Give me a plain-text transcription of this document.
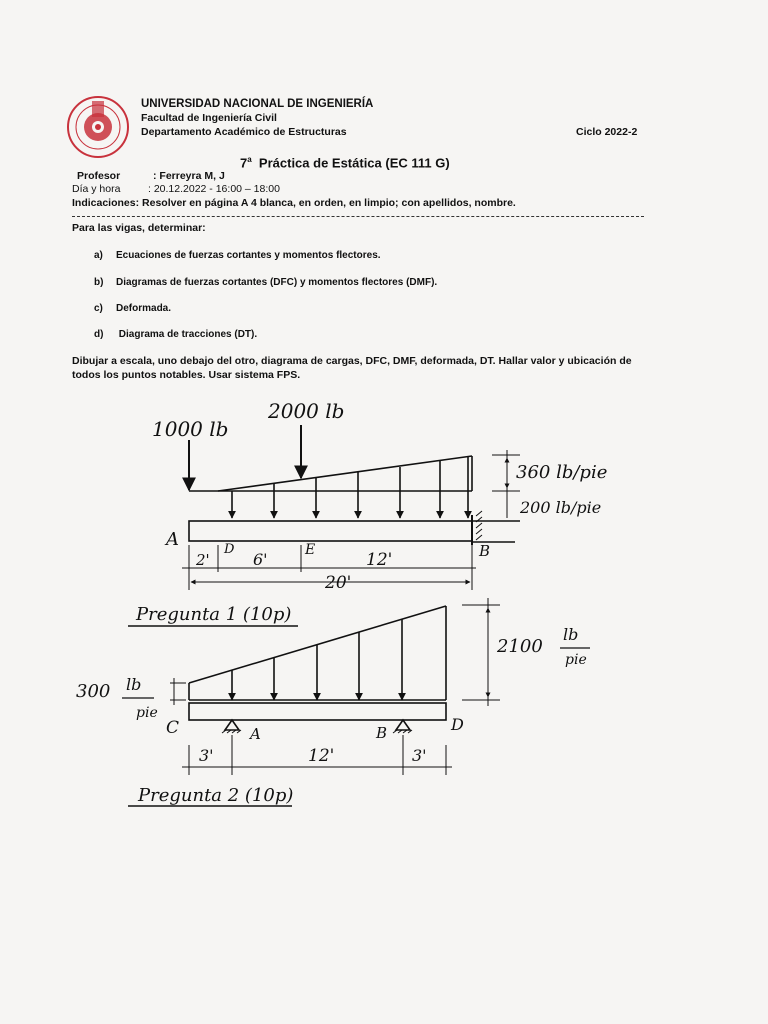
UNIVERSIDAD NACIONAL DE INGENIERÍA
Facultad de Ingeniería Civil
Departamento Académico de Estructuras	Ciclo 2022-2
7$^a$ Práctica de Estática (EC 111 G)
Profesor	: Ferreyra M, J
Día y hora	: 20.12.2022 - 16:00 – 18:00
Indicaciones: Resolver en página A 4 blanca, en orden, en limpio; con apellidos, nombre.
Para las vigas, determinar:
a) Ecuaciones de fuerzas cortantes y momentos flectores.
b) Diagramas de fuerzas cortantes (DFC) y momentos flectores (DMF).
c) Deformada.
d) Diagrama de tracciones (DT).
Dibujar a escala, uno debajo del otro, diagrama de cargas, DFC, DMF, deformada, DT. Hallar valor y ubicación de todos los puntos notables. Usar sistema FPS.
1000 lb
2000 lb
360 lb/pie
200 lb/pie
A	D	E	B
2'	6'	12'
20'
Pregunta 1 (10p)
2100
lb
pie
300 lb
pie
C	A	B	D
3'	12'	3'
Pregunta 2 (10p)
